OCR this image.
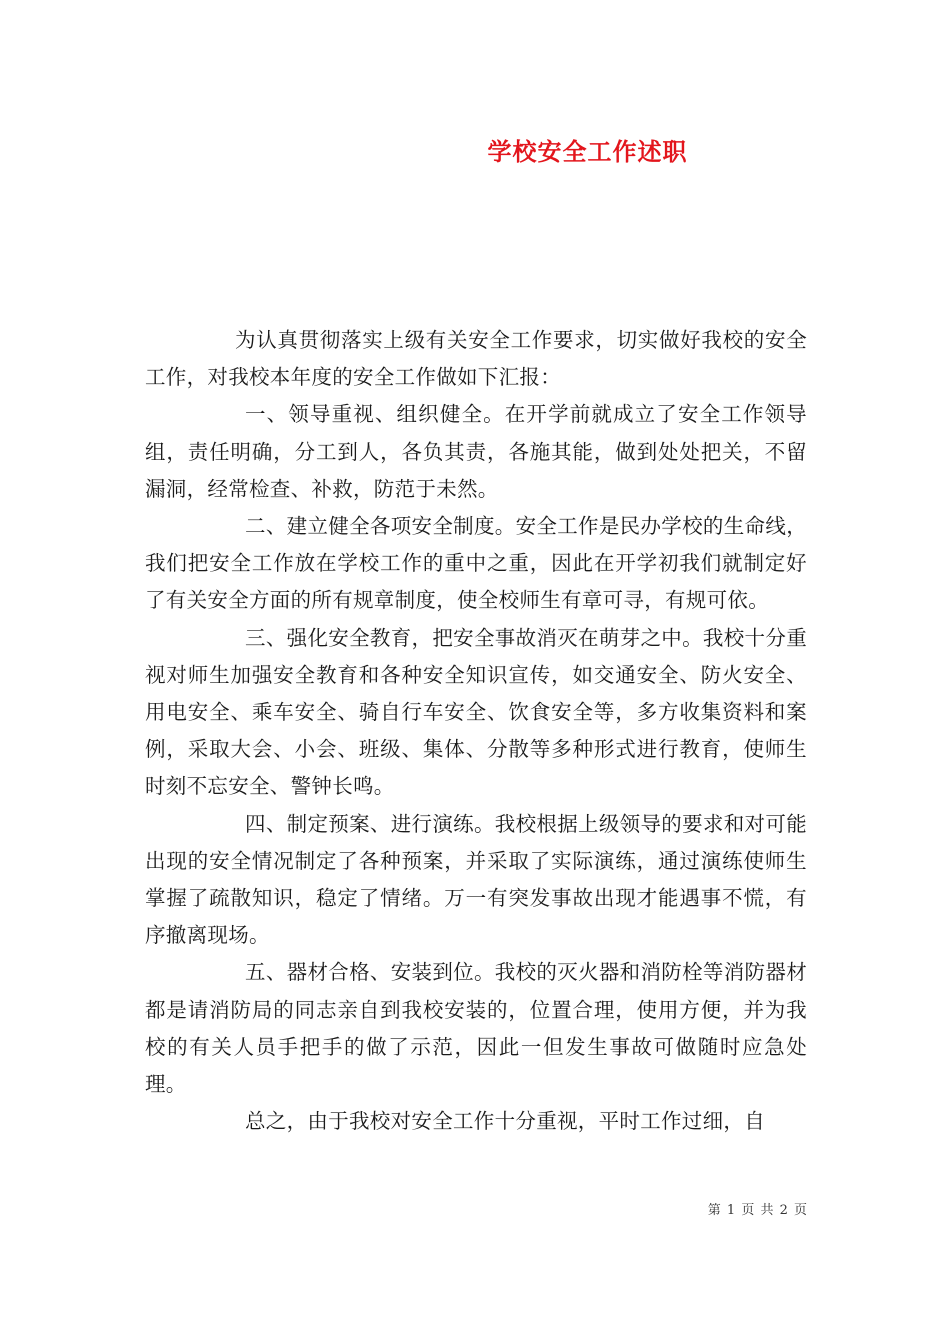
学校安全工作述职

为认真贯彻落实上级有关安全工作要求，切实做好我校的安全工作，对我校本年度的安全工作做如下汇报：

一、领导重视、组织健全。在开学前就成立了安全工作领导组，责任明确，分工到人，各负其责，各施其能，做到处处把关，不留漏洞，经常检查、补救，防范于未然。

二、建立健全各项安全制度。安全工作是民办学校的生命线，我们把安全工作放在学校工作的重中之重，因此在开学初我们就制定好了有关安全方面的所有规章制度，使全校师生有章可寻，有规可依。

三、强化安全教育，把安全事故消灭在萌芽之中。我校十分重视对师生加强安全教育和各种安全知识宣传，如交通安全、防火安全、用电安全、乘车安全、骑自行车安全、饮食安全等，多方收集资料和案例，采取大会、小会、班级、集体、分散等多种形式进行教育，使师生时刻不忘安全、警钟长鸣。

四、制定预案、进行演练。我校根据上级领导的要求和对可能出现的安全情况制定了各种预案，并采取了实际演练，通过演练使师生掌握了疏散知识，稳定了情绪。万一有突发事故出现才能遇事不慌，有序撤离现场。

五、器材合格、安装到位。我校的灭火器和消防栓等消防器材都是请消防局的同志亲自到我校安装的，位置合理，使用方便，并为我校的有关人员手把手的做了示范，因此一但发生事故可做随时应急处理。

总之，由于我校对安全工作十分重视，平时工作过细，自

第 1 页 共 2 页
